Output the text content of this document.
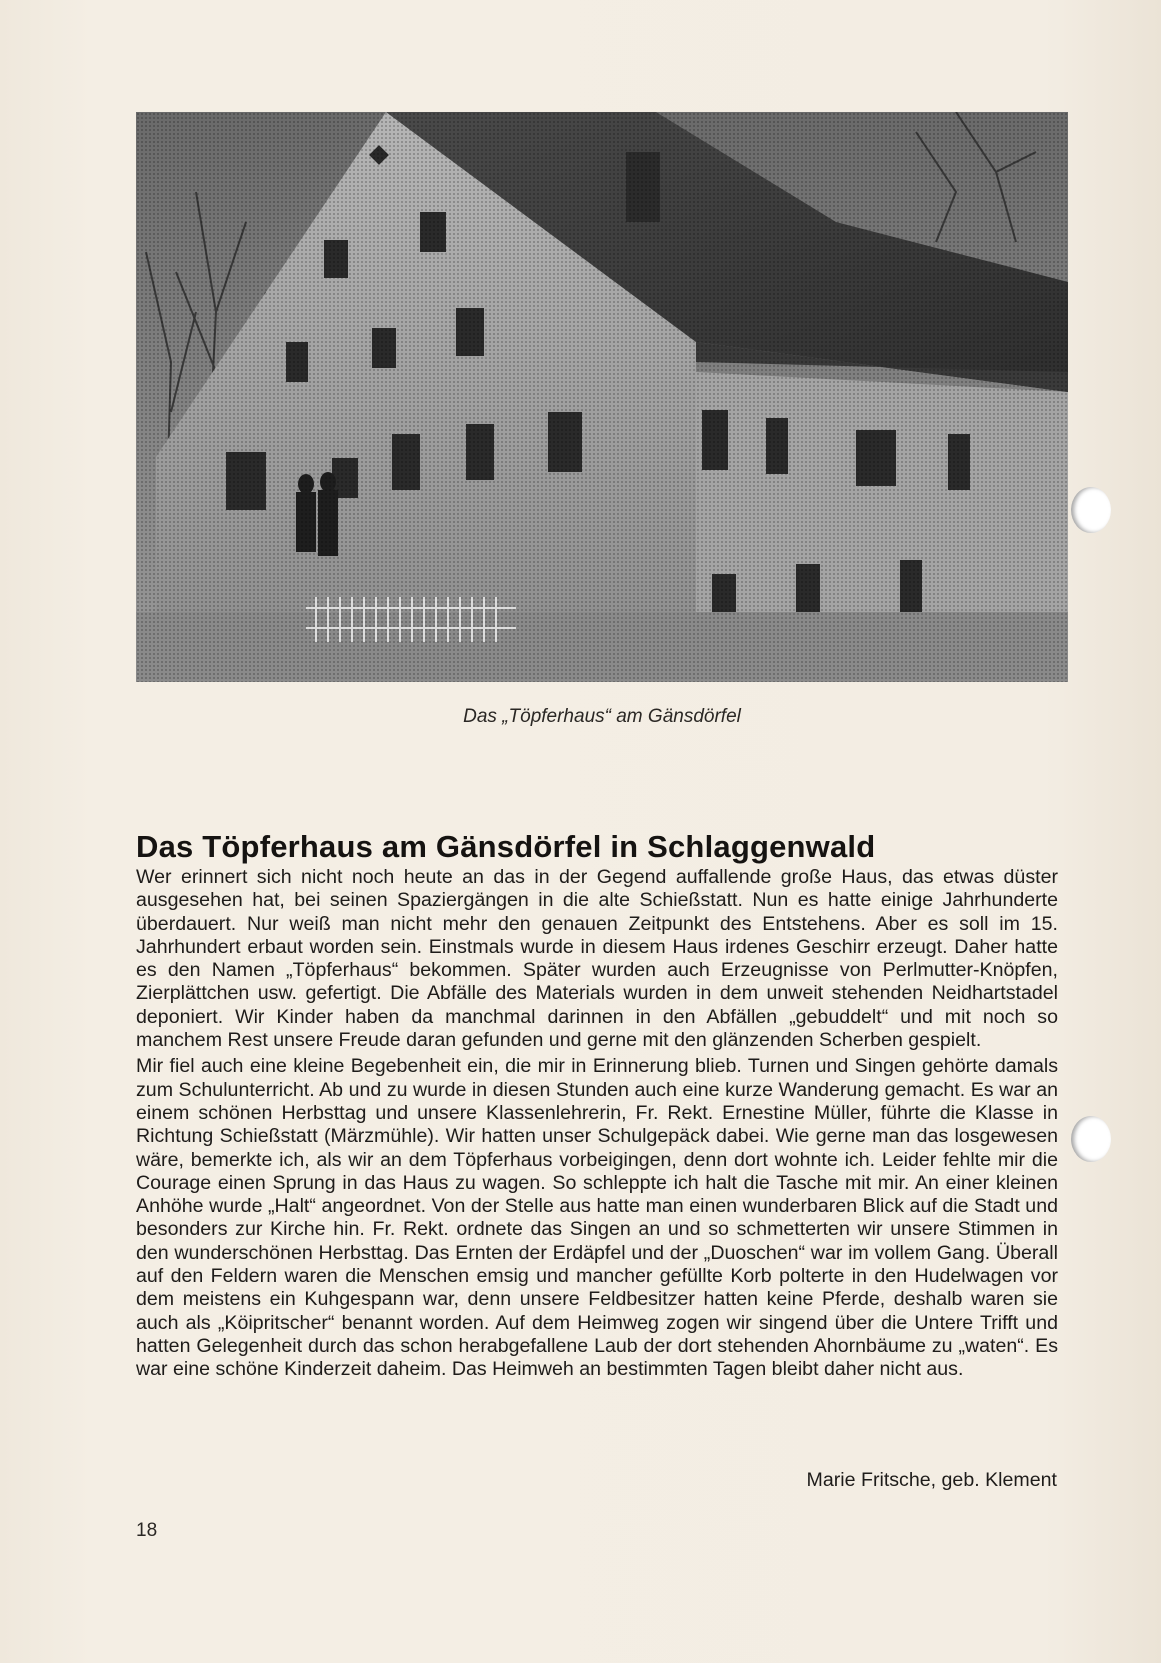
Das „Töpferhaus“ am Gänsdörfel
Das Töpferhaus am Gänsdörfel in Schlaggenwald

Wer erinnert sich nicht noch heute an das in der Gegend auffallende große Haus, das etwas düster ausgesehen hat, bei seinen Spaziergängen in die alte Schießstatt. Nun es hatte einige Jahrhunderte überdauert. Nur weiß man nicht mehr den genauen Zeitpunkt des Entstehens. Aber es soll im 15. Jahrhundert erbaut worden sein. Einstmals wurde in diesem Haus irdenes Geschirr erzeugt. Daher hatte es den Namen „Töpferhaus“ bekommen. Später wurden auch Erzeugnisse von Perlmutter-Knöpfen, Zierplättchen usw. gefertigt. Die Abfälle des Materials wurden in dem unweit stehenden Neidhartstadel deponiert. Wir Kinder haben da manchmal darinnen in den Abfällen „gebuddelt“ und mit noch so manchem Rest unsere Freude daran gefunden und gerne mit den glänzenden Scherben gespielt.

Mir fiel auch eine kleine Begebenheit ein, die mir in Erinnerung blieb. Turnen und Singen gehörte damals zum Schulunterricht. Ab und zu wurde in diesen Stunden auch eine kurze Wanderung gemacht. Es war an einem schönen Herbsttag und unsere Klassenlehrerin, Fr. Rekt. Ernestine Müller, führte die Klasse in Richtung Schießstatt (Märzmühle). Wir hatten unser Schulgepäck dabei. Wie gerne man das losgewesen wäre, bemerkte ich, als wir an dem Töpferhaus vorbeigingen, denn dort wohnte ich. Leider fehlte mir die Courage einen Sprung in das Haus zu wagen. So schleppte ich halt die Tasche mit mir. An einer kleinen Anhöhe wurde „Halt“ angeordnet. Von der Stelle aus hatte man einen wunderbaren Blick auf die Stadt und besonders zur Kirche hin. Fr. Rekt. ordnete das Singen an und so schmetterten wir unsere Stimmen in den wunderschönen Herbsttag. Das Ernten der Erdäpfel und der „Duoschen“ war im vollem Gang. Überall auf den Feldern waren die Menschen emsig und mancher gefüllte Korb polterte in den Hudelwagen vor dem meistens ein Kuhgespann war, denn unsere Feldbesitzer hatten keine Pferde, deshalb waren sie auch als „Köipritscher“ benannt worden. Auf dem Heimweg zogen wir singend über die Untere Trifft und hatten Gelegenheit durch das schon herabgefallene Laub der dort stehenden Ahornbäume zu „waten“. Es war eine schöne Kinderzeit daheim. Das Heimweh an bestimmten Tagen bleibt daher nicht aus.

Marie Fritsche, geb. Klement
18
